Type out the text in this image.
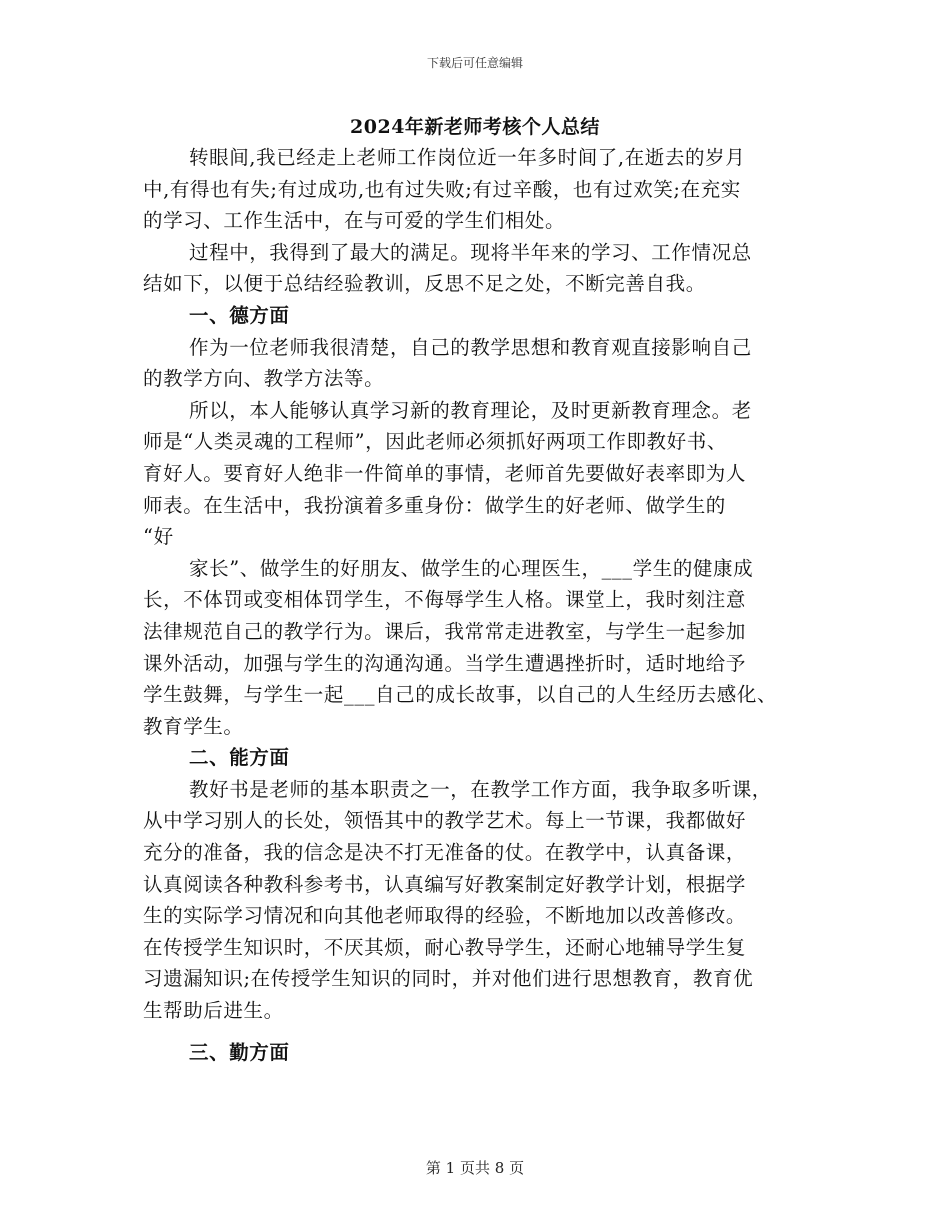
下载后可任意编辑
2024年新老师考核个人总结
转眼间,我已经走上老师工作岗位近一年多时间了,在逝去的岁月
中,有得也有失;有过成功,也有过失败;有过辛酸，也有过欢笑;在充实
的学习、工作生活中，在与可爱的学生们相处。
过程中，我得到了最大的满足。现将半年来的学习、工作情况总
结如下，以便于总结经验教训，反思不足之处，不断完善自我。
一、德方面
作为一位老师我很清楚，自己的教学思想和教育观直接影响自己
的教学方向、教学方法等。
所以，本人能够认真学习新的教育理论，及时更新教育理念。老
师是“人类灵魂的工程师”，因此老师必须抓好两项工作即教好书、
育好人。要育好人绝非一件简单的事情，老师首先要做好表率即为人
师表。在生活中，我扮演着多重身份：做学生的好老师、做学生的
“好
家长”、做学生的好朋友、做学生的心理医生，___学生的健康成
长，不体罚或变相体罚学生，不侮辱学生人格。课堂上，我时刻注意
法律规范自己的教学行为。课后，我常常走进教室，与学生一起参加
课外活动，加强与学生的沟通沟通。当学生遭遇挫折时，适时地给予
学生鼓舞，与学生一起___自己的成长故事，以自己的人生经历去感化、
教育学生。
二、能方面
教好书是老师的基本职责之一，在教学工作方面，我争取多听课，
从中学习别人的长处，领悟其中的教学艺术。每上一节课，我都做好
充分的准备，我的信念是决不打无准备的仗。在教学中，认真备课，
认真阅读各种教科参考书，认真编写好教案制定好教学计划，根据学
生的实际学习情况和向其他老师取得的经验，不断地加以改善修改。
在传授学生知识时，不厌其烦，耐心教导学生，还耐心地辅导学生复
习遗漏知识;在传授学生知识的同时，并对他们进行思想教育，教育优
生帮助后进生。
三、勤方面
第 1 页共 8 页
